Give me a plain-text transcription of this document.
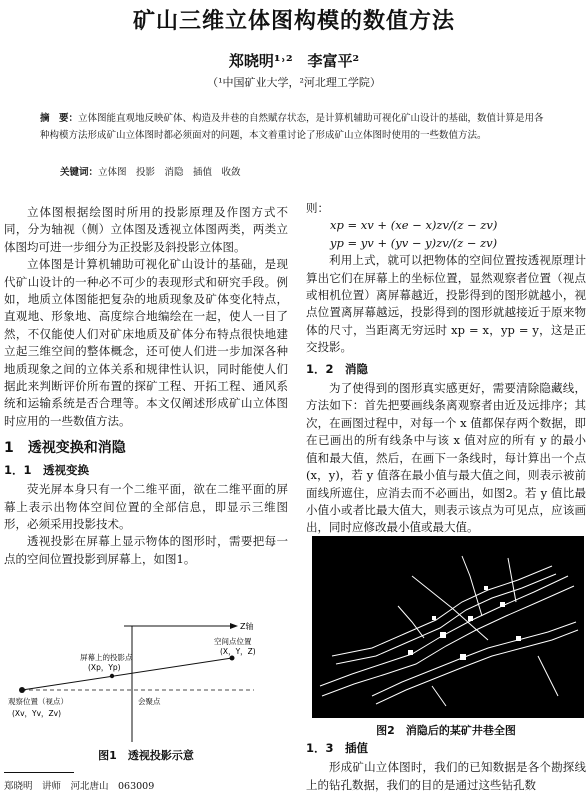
矿山三维立体图构模的数值方法
郑晓明¹˒²　李富平²
（¹中国矿业大学，²河北理工学院）
摘　要：立体图能直观地反映矿体、构造及井巷的自然赋存状态，是计算机辅助可视化矿山设计的基础，数值计算是用各种构模方法形成矿山立体图时都必须面对的问题，本文着重讨论了形成矿山立体图时使用的一些数值方法。
关键词：立体图　投影　消隐　插值　收敛

立体图根据绘图时所用的投影原理及作图方式不同，分为轴视（侧）立体图及透视立体图两类，两类立体图均可进一步细分为正投影及斜投影立体图。

立体图是计算机辅助可视化矿山设计的基础，是现代矿山设计的一种必不可少的表现形式和研究手段。例如，地质立体图能把复杂的地质现象及矿体变化特点，直观地、形象地、高度综合地编绘在一起，使人一目了然，不仅能使人们对矿床地质及矿体分布特点很快地建立起三维空间的整体概念，还可使人们进一步加深各种地质现象之间的立体关系和规律性认识，同时能使人们据此来判断评价所布置的探矿工程、开拓工程、通风系统和运输系统是否合理等。本文仅阐述形成矿山立体图时应用的一些数值方法。

1　透视变换和消隐
1．1　透视变换

荧光屏本身只有一个二维平面，欲在二维平面的屏幕上表示出物体空间位置的全部信息，即显示三维图形，必须采用投影技术。

透视投影在屏幕上显示物体的图形时，需要把每一点的空间位置投影到屏幕上，如图1。

Z轴
屏幕上的投影点
(Xp，Yp)
空间点位置
(X，Y，Z)
观察位置（视点）
(Xv，Yv，Zv)
会聚点
图1　透视投影示意
郑晓明　讲师　河北唐山　063009

则：

xp = xv + (xe − x)zv/(z − zv)

yp = yv + (yv − y)zv/(z − zv)

利用上式，就可以把物体的空间位置按透视原理计算出它们在屏幕上的坐标位置，显然观察者位置（视点或相机位置）离屏幕越近，投影得到的图形就越小，视点位置离屏幕越远，投影得到的图形就越接近于原来物体的尺寸，当距离无穷远时 xp = x，yp = y，这是正交投影。

1．2　消隐

为了使得到的图形真实感更好，需要清除隐藏线，方法如下：首先把要画线条离观察者由近及远排序；其次，在画图过程中，对每一个 x 值都保存两个数据，即在已画出的所有线条中与该 x 值对应的所有 y 的最小值和最大值，然后，在画下一条线时，每计算出一个点(x，y)，若 y 值落在最小值与最大值之间，则表示被前面线所遮住，应消去而不必画出，如图2。若 y 值比最小值小或者比最大值大，则表示该点为可见点，应该画出，同时应修改最小值或最大值。

图2　消隐后的某矿井巷全图
1．3　插值

形成矿山立体图时，我们的已知数据是各个勘探线上的钻孔数据，我们的目的是通过这些钻孔数
